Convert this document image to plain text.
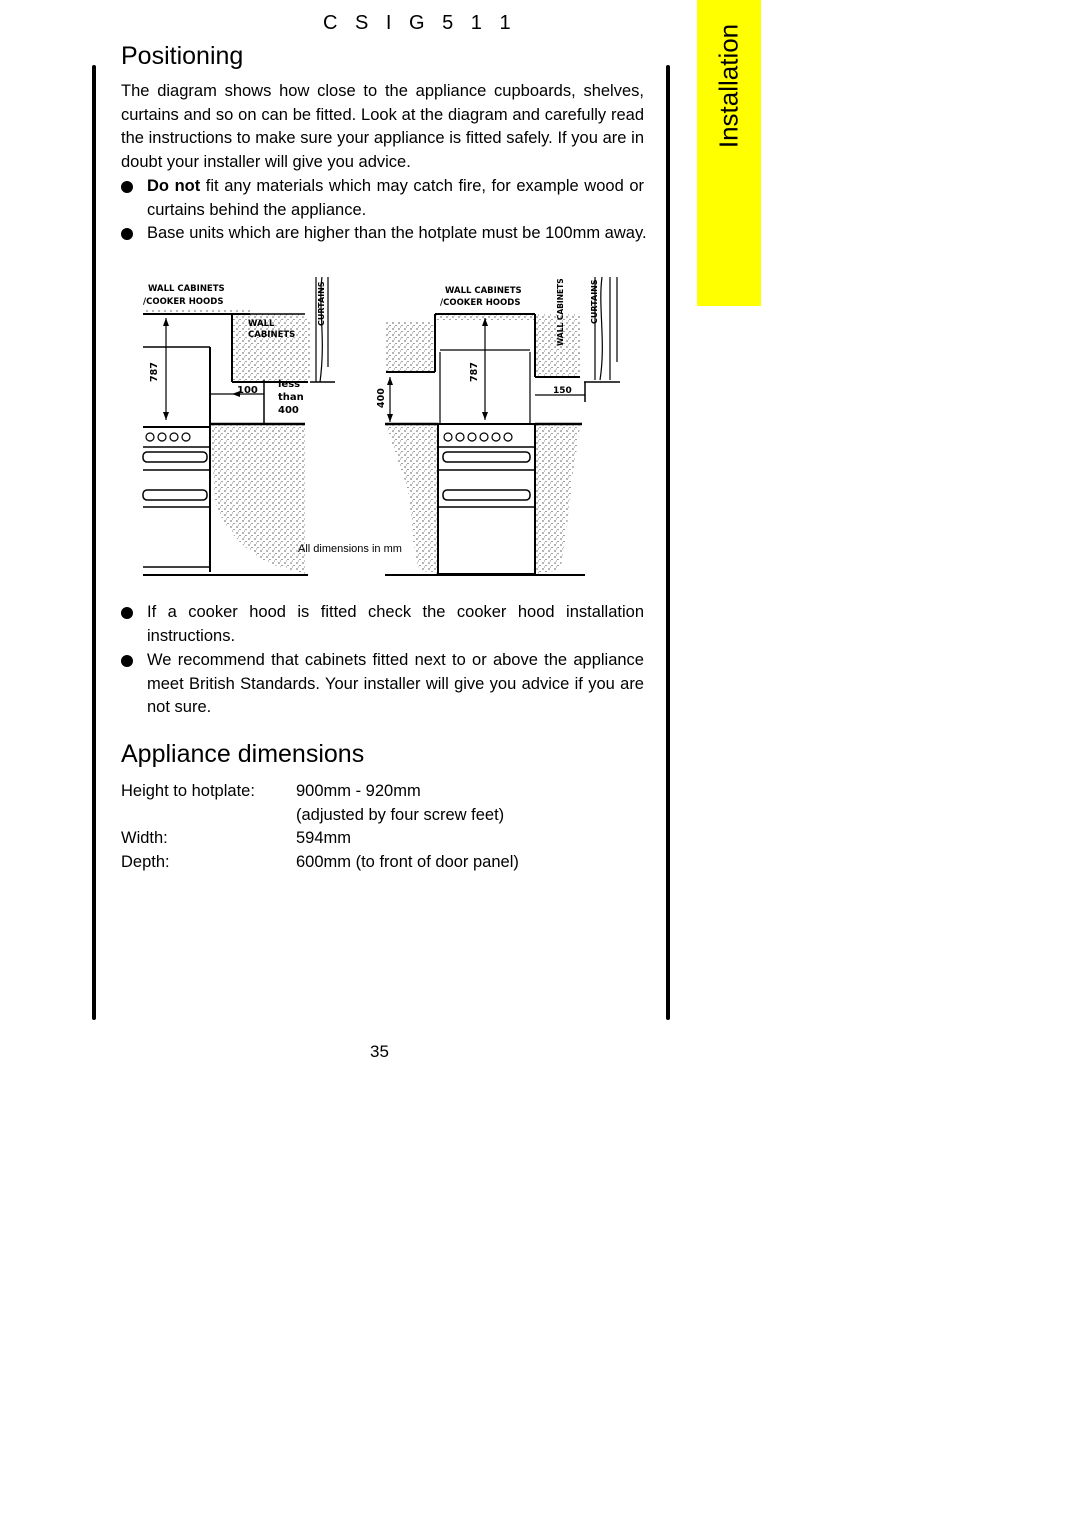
C S I G 5 1 1
Installation
Positioning

The diagram shows how close to the appliance cupboards, shelves, curtains and so on can be fitted. Look at the diagram and carefully read the instructions to make sure your appliance is fitted safely. If you are in doubt your installer will give you advice.

Do not fit any materials which may catch fire, for example wood or curtains behind the appliance.
Base units which are higher than the hotplate must be 100mm away.
WALL CABINETS
/COOKER HOODS
WALL
CABINETS
CURTAINS
787
100
less
than
400
WALL CABINETS
/COOKER HOODS	WALL CABINETS	CURTAINS
400
787
150
All dimensions in mm
If a cooker hood is fitted check the cooker hood installation instructions.
We recommend that cabinets fitted next to or above the appliance meet British Standards. Your installer will give you advice if you are not sure.
Appliance dimensions
Height to hotplate: 900mm - 920mm
(adjusted by four screw feet)
Width:	594mm
Depth:	600mm (to front of door panel)
35
